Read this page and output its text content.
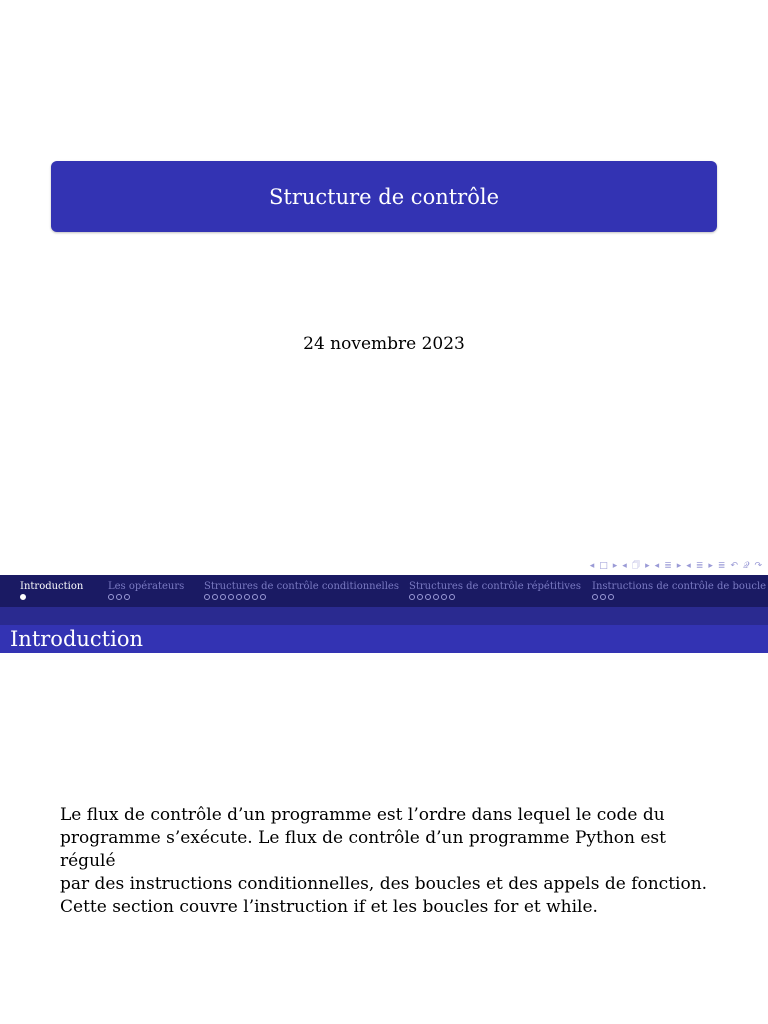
Structure de contrôle
24 novembre 2023
◂ □ ▸ ◂ 🗇 ▸ ◂ ≣ ▸ ◂ ≣ ▸ ≣ ↶ 𝒬 ↷
Introduction Les opérateurs Structures de contrôle conditionnelles Structures de contrôle répétitives Instructions de contrôle de boucle
Introduction

Le flux de contrôle d’un programme est l’ordre dans lequel le code du

programme s’exécute. Le flux de contrôle d’un programme Python est régulé

par des instructions conditionnelles, des boucles et des appels de fonction.

Cette section couvre l’instruction if et les boucles for et while.
